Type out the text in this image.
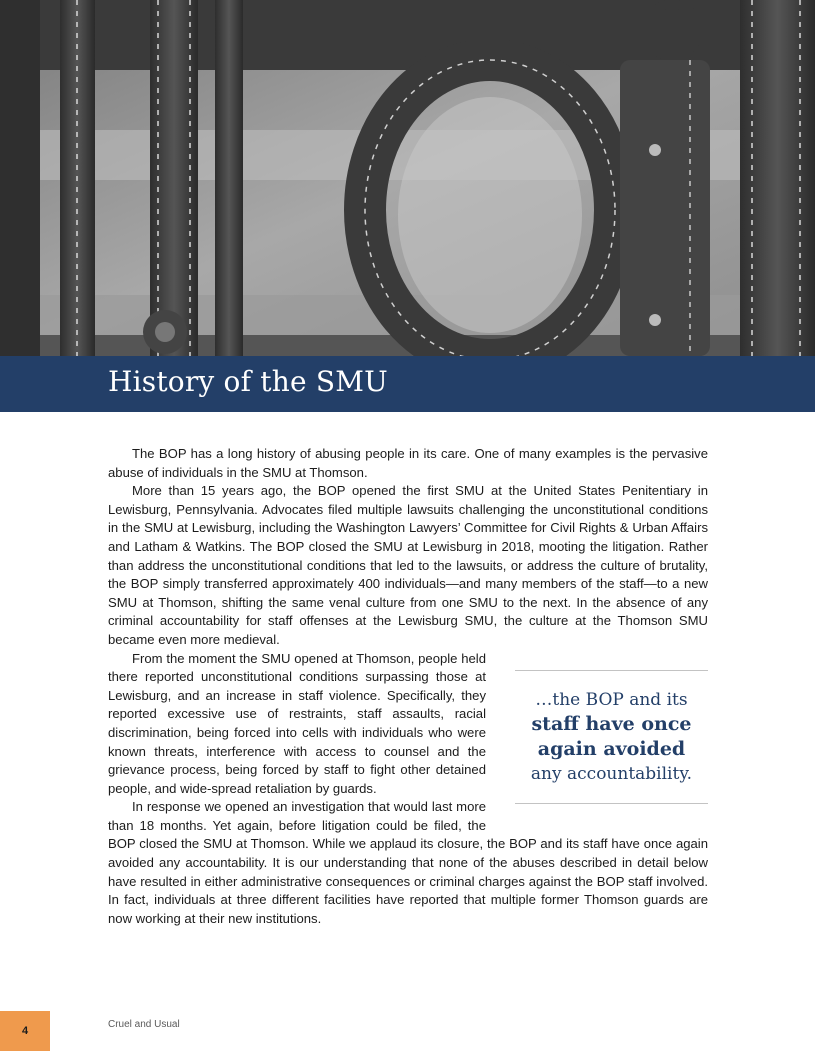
History of the SMU

The BOP has a long history of abusing people in its care. One of many examples is the pervasive abuse of individuals in the SMU at Thomson.

More than 15 years ago, the BOP opened the first SMU at the United States Penitentiary in Lewisburg, Pennsylvania. Advocates filed multiple lawsuits challenging the unconstitutional conditions in the SMU at Lewisburg, including the Washington Lawyers’ Committee for Civil Rights & Urban Affairs and Latham & Watkins. The BOP closed the SMU at Lewisburg in 2018, mooting the litigation. Rather than address the unconstitutional conditions that led to the lawsuits, or address the culture of brutality, the BOP simply transferred approximately 400 individuals—and many members of the staff—to a new SMU at Thomson, shifting the same venal culture from one SMU to the next. In the absence of any criminal accountability for staff offenses at the Lewisburg SMU, the culture at the Thomson SMU became even more medieval.

From the moment the SMU opened at Thomson, people held there reported unconstitutional conditions surpassing those at Lewisburg, and an increase in staff violence. Specifically, they reported excessive use of restraints, staff assaults, racial discrimination, being forced into cells with individuals who were known threats, interference with access to counsel and the grievance process, being forced by staff to fight other detained people, and wide-spread retaliation by guards.

In response we opened an investigation that would last more than 18 months. Yet again, before litigation could be filed, the BOP closed the SMU at Thomson. While we applaud its closure, the BOP and its staff have once again avoided any accountability. It is our understanding that none of the abuses described in detail below have resulted in either administrative consequences or criminal charges against the BOP staff involved. In fact, individuals at three different facilities have reported that multiple former Thomson guards are now working at their new institutions.

…the BOP and its
staff have once
again avoided
any accountability.
4
Cruel and Usual
